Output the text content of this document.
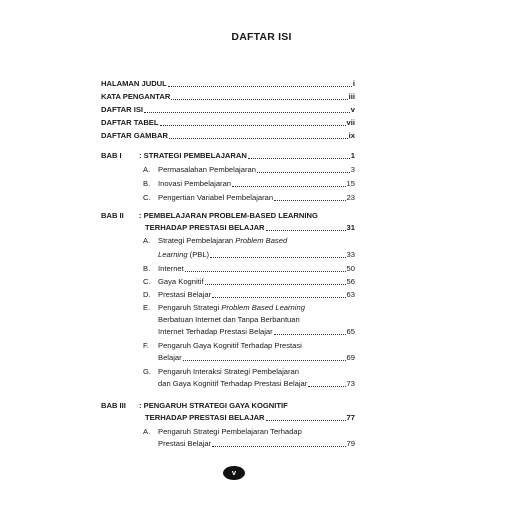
DAFTAR ISI
HALAMAN JUDUL	i
KATA PENGANTAR	iii
DAFTAR ISI	v
DAFTAR TABEL	vii
DAFTAR GAMBAR	ix
BAB I : STRATEGI PEMBELAJARAN	1
A.	Permasalahan Pembelajaran	3
B.	Inovasi Pembelajaran	15
C. Pengertian Variabel Pembelajaran	23
BAB II : PEMBELAJARAN PROBLEM-BASED LEARNING
TERHADAP PRESTASI BELAJAR	31
A.	Strategi Pembelajaran Problem Based
Learning (PBL)	33
B.	Internet	50
C. Gaya Kognitif	56
D. Prestasi Belajar	63
E.	Pengaruh Strategi Problem Based Learning
Berbatuan Internet dan Tanpa Berbantuan
Internet Terhadap Prestasi Belajar	65
F.	Pengaruh Gaya Kognitif Terhadap Prestasi
Belajar	69
G. Pengaruh Interaksi Strategi Pembelajaran
dan Gaya Kognitif Terhadap Prestasi Belajar	73
BAB III : PENGARUH STRATEGI GAYA KOGNITIF
TERHADAP PRESTASI BELAJAR	77
A.	Pengaruh Strategi Pembelajaran Terhadap
Prestasi Belajar	79
v
